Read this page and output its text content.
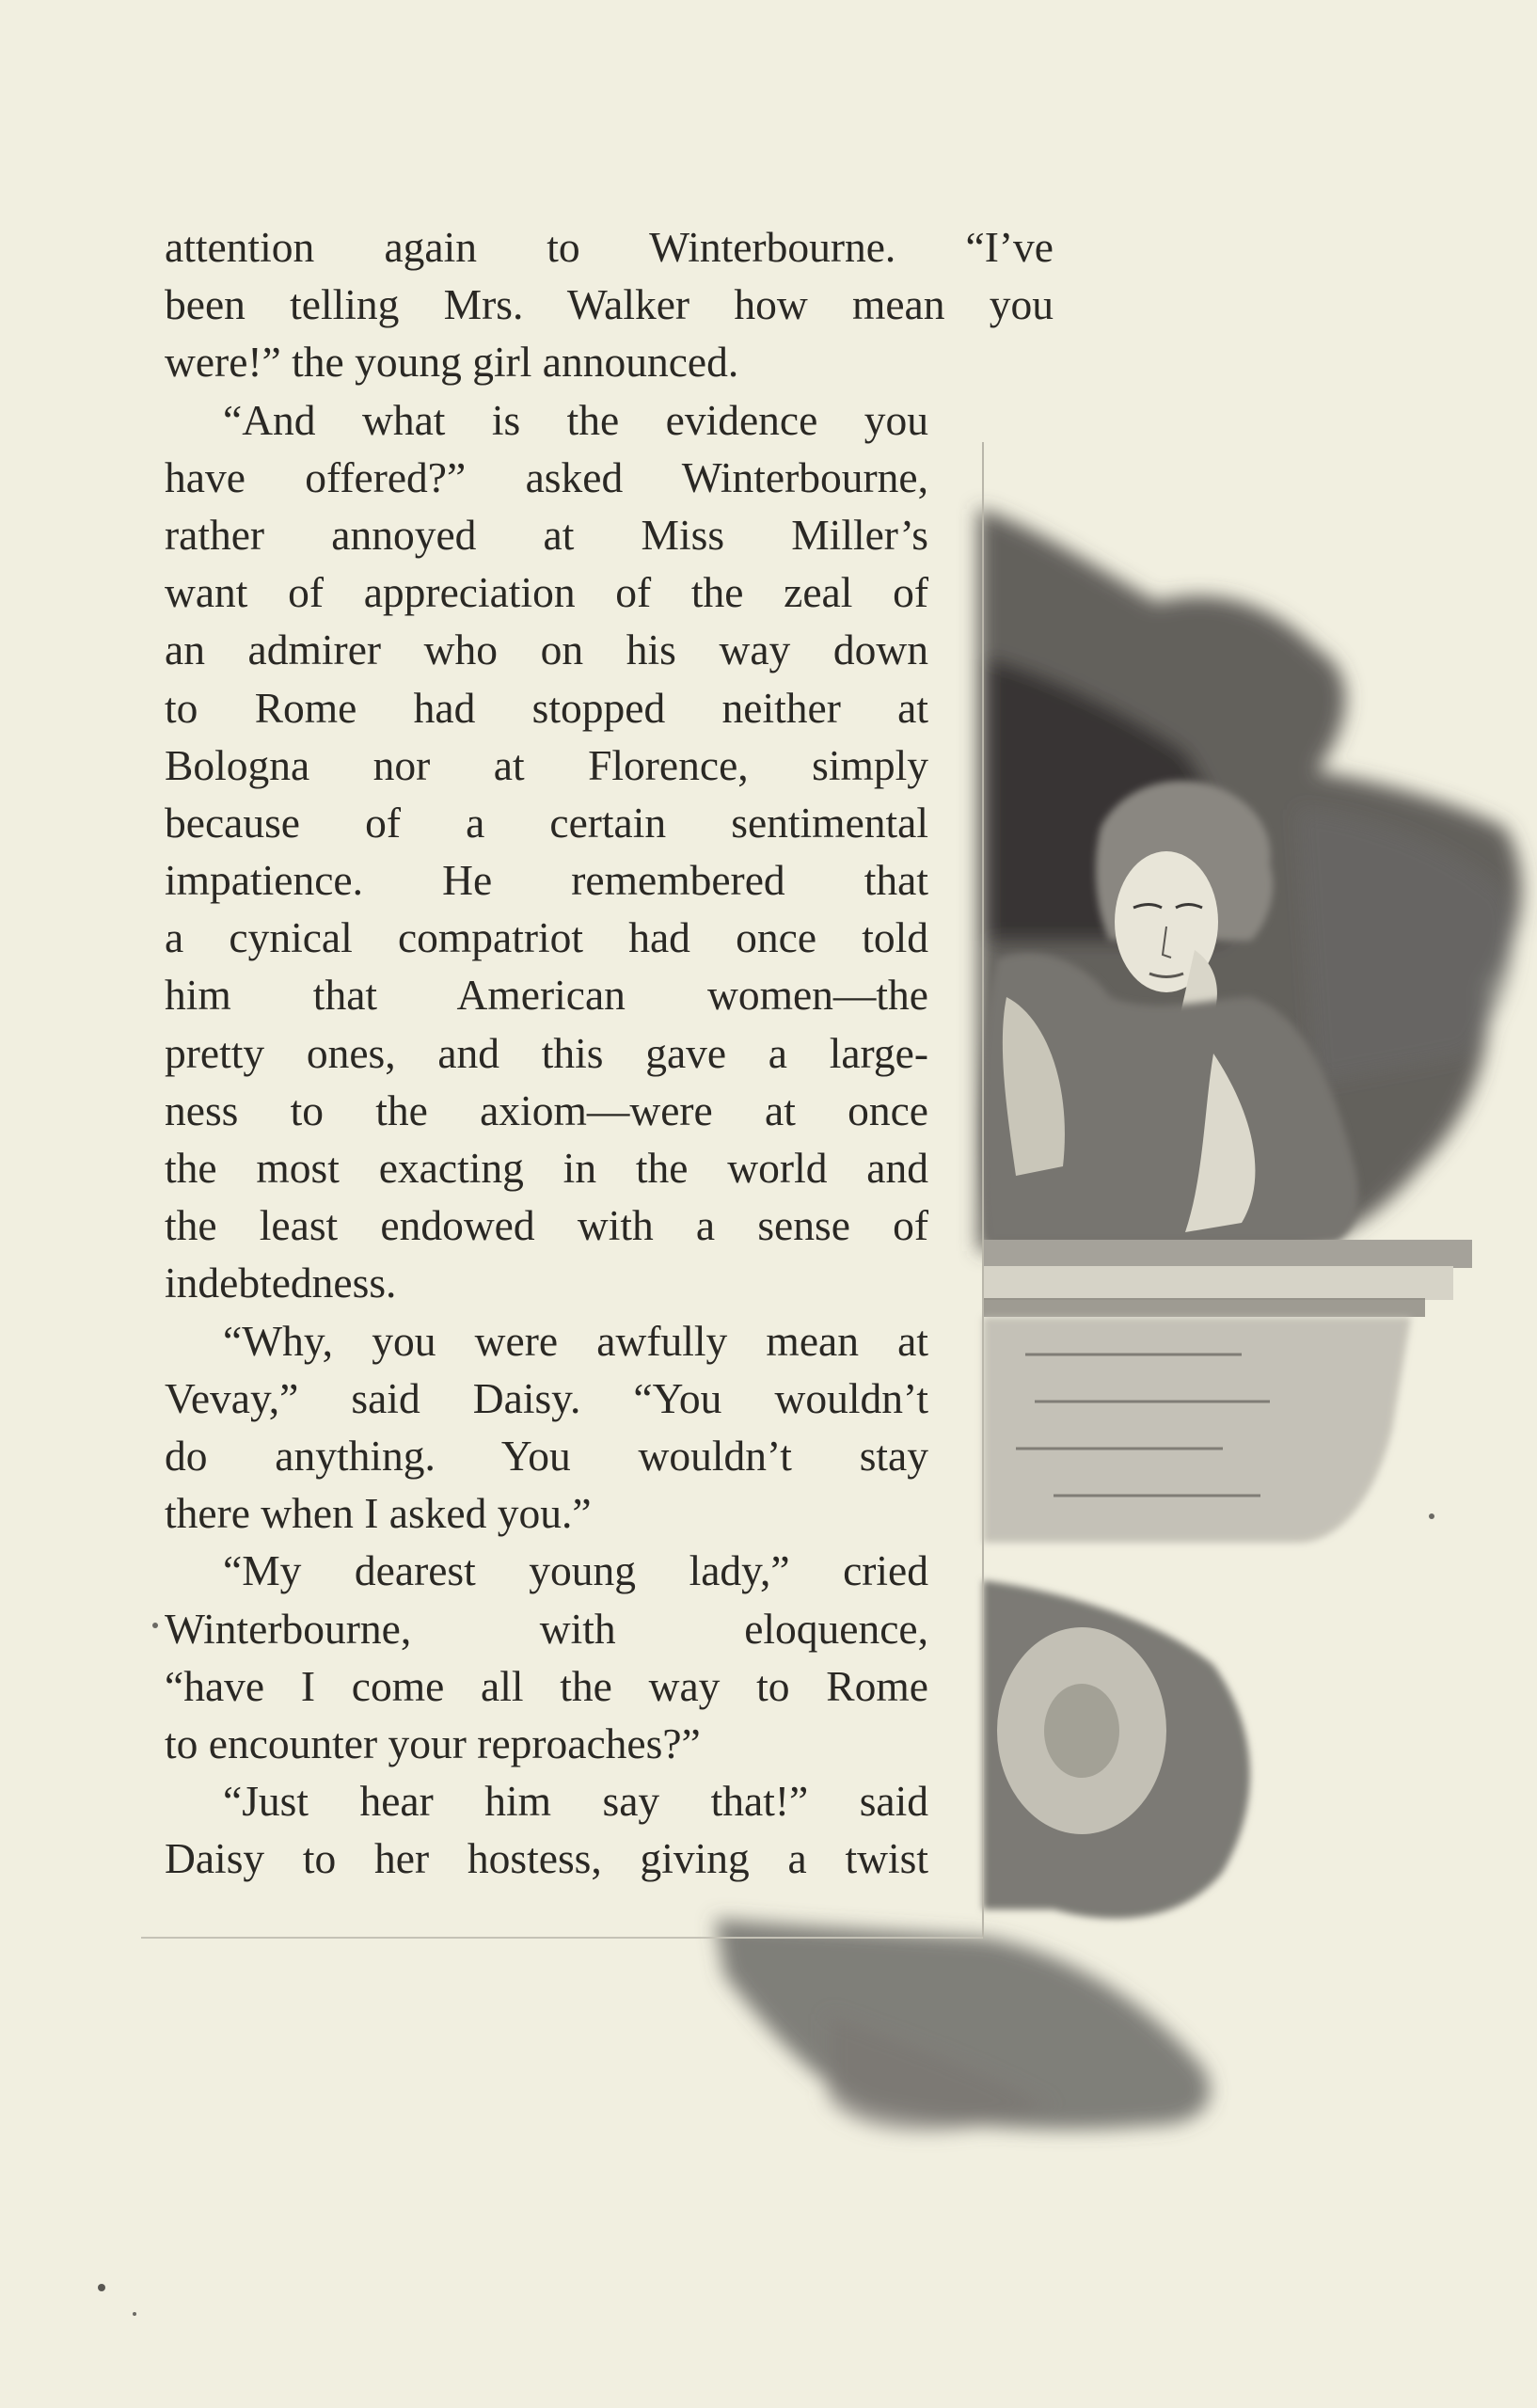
attention again to Winterbourne. “I’ve
been telling Mrs. Walker how mean you
were!” the young girl announced.
“And what is the evidence you
have offered?” asked Winterbourne,
rather annoyed at Miss Miller’s
want of appreciation of the zeal of
an admirer who on his way down
to Rome had stopped neither at
Bologna nor at Florence, simply
because of a certain sentimental
impatience. He remembered that
a cynical compatriot had once told
him that American women—the
pretty ones, and this gave a large-
ness to the axiom—were at once
the most exacting in the world and
the least endowed with a sense of
indebtedness.
“Why, you were awfully mean at
Vevay,” said Daisy. “You wouldn’t
do anything. You wouldn’t stay
there when I asked you.”
“My dearest young lady,” cried
Winterbourne, with eloquence,
“have I come all the way to Rome
to encounter your reproaches?”
“Just hear him say that!” said
Daisy to her hostess, giving a twist
